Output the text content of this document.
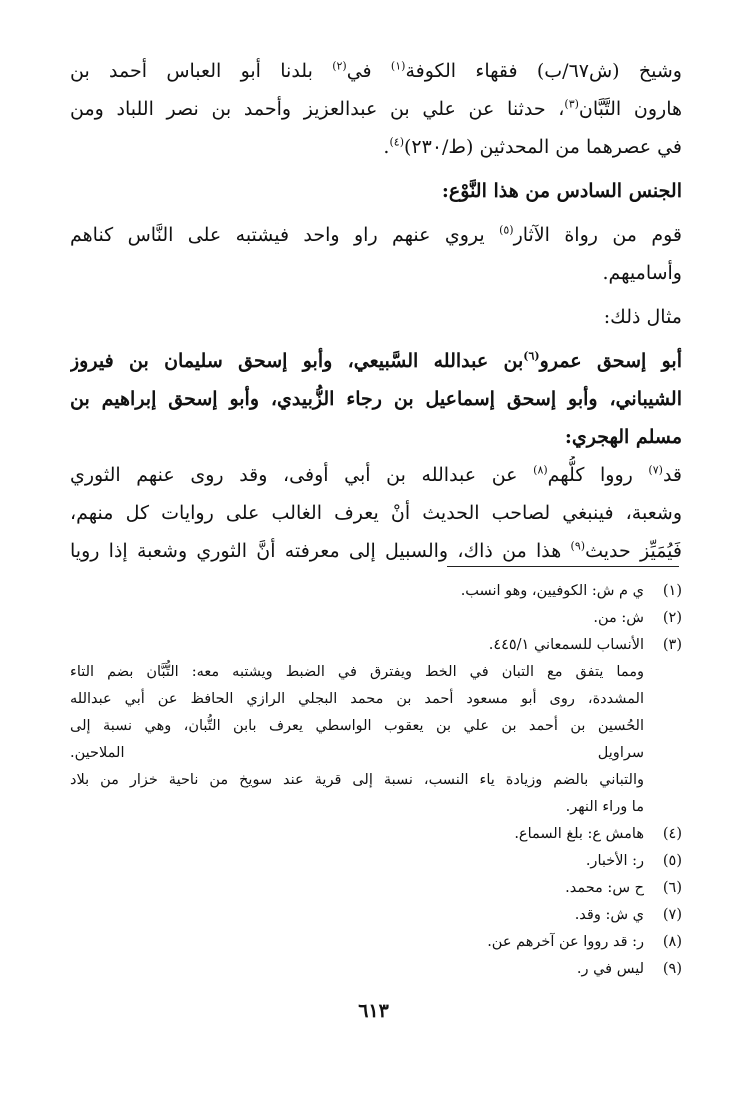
وشيخ (ش٦٧/ب) فقهاء الكوفة$^{(١)}$ في$^{(٢)}$ بلدنا أبو العباس أحمد بن
هارون التَّبَّان$^{(٣)}$، حدثنا عن علي بن عبدالعزيز وأحمد بن نصر اللباد ومن
في عصرهما من المحدثين (ط/٢٣٠)$^{(٤)}$.
الجنس السادس من هذا النَّوْع:
قوم من رواة الآثار$^{(٥)}$ يروي عنهم راو واحد فيشتبه على النَّاس كناهم
وأساميهم.
مثال ذلك:
أبو إسحق عمرو$^{(٦)}$بن عبدالله السَّبيعي، وأبو إسحق سليمان بن فيروز
الشيباني، وأبو إسحق إسماعيل بن رجاء الزُّبيدي، وأبو إسحق إبراهيم بن
مسلم الهجري:
قد$^{(٧)}$ رووا كلُّهم$^{(٨)}$ عن عبدالله بن أبي أوفى، وقد روى عنهم الثوري
وشعبة، فينبغي لصاحب الحديث أنْ يعرف الغالب على روايات كل منهم،
فَيُمَيِّز حديث$^{(٩)}$ هذا من ذاك، والسبيل إلى معرفته أنَّ الثوري وشعبة إذا رويا
(١)
ي م ش: الكوفيين، وهو انسب.
(٢)
ش: من.
(٣)
الأنساب للسمعاني ٤٤٥/١.
ومما يتفق مع التبان في الخط ويفترق في الضبط ويشتبه معه: التُّبَّان بضم التاء
المشددة، روى أبو مسعود أحمد بن محمد البجلي الرازي الحافظ عن أبي عبدالله
الحُسين بن أحمد بن علي بن يعقوب الواسطي يعرف بابن التُّبان، وهي نسبة إلى
سراويل الملاحين.
والتباني بالضم وزيادة ياء النسب، نسبة إلى قرية عند سويخ من ناحية خزار من بلاد
ما وراء النهر.
(٤)
هامش ع: بلغ السماع.
(٥)
ر: الأخبار.
(٦)
ح س: محمد.
(٧)
ي ش: وقد.
(٨)
ر: قد رووا عن آخرهم عن.
(٩)
ليس في ر.
٦١٣
